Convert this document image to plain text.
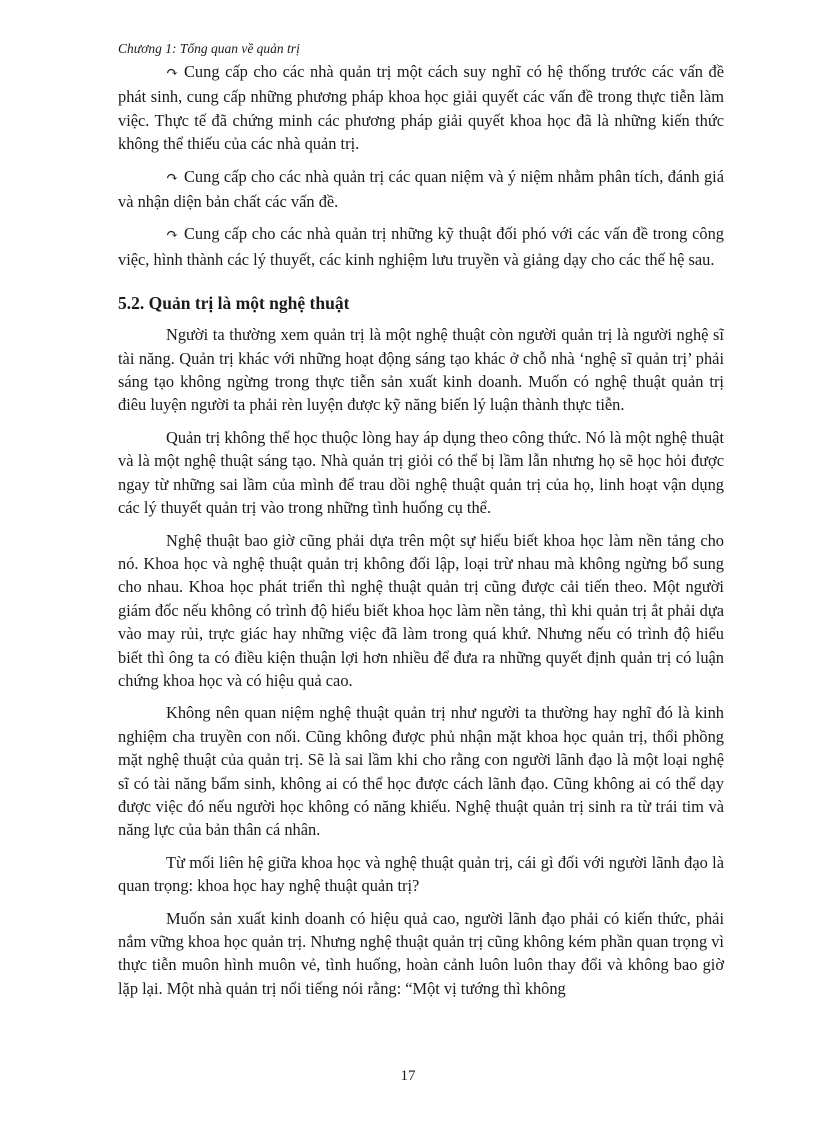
Chương 1: Tổng quan về quản trị

↷ Cung cấp cho các nhà quản trị một cách suy nghĩ có hệ thống trước các vấn đề phát sinh, cung cấp những phương pháp khoa học giải quyết các vấn đề trong thực tiễn làm việc. Thực tế đã chứng minh các phương pháp giải quyết khoa học đã là những kiến thức không thể thiếu của các nhà quản trị.

↷ Cung cấp cho các nhà quản trị các quan niệm và ý niệm nhằm phân tích, đánh giá và nhận diện bản chất các vấn đề.

↷ Cung cấp cho các nhà quản trị những kỹ thuật đối phó với các vấn đề trong công việc, hình thành các lý thuyết, các kinh nghiệm lưu truyền và giảng dạy cho các thế hệ sau.

5.2. Quản trị là một nghệ thuật

Người ta thường xem quản trị là một nghệ thuật còn người quản trị là người nghệ sĩ tài năng. Quản trị khác với những hoạt động sáng tạo khác ở chỗ nhà ‘nghệ sĩ quản trị’ phải sáng tạo không ngừng trong thực tiễn sản xuất kinh doanh. Muốn có nghệ thuật quản trị điêu luyện người ta phải rèn luyện được kỹ năng biến lý luận thành thực tiễn.

Quản trị không thể học thuộc lòng hay áp dụng theo công thức. Nó là một nghệ thuật và là một nghệ thuật sáng tạo. Nhà quản trị giỏi có thể bị lầm lẫn nhưng họ sẽ học hỏi được ngay từ những sai lầm của mình để trau dồi nghệ thuật quản trị của họ, linh hoạt vận dụng các lý thuyết quản trị vào trong những tình huống cụ thể.

Nghệ thuật bao giờ cũng phải dựa trên một sự hiểu biết khoa học làm nền tảng cho nó. Khoa học và nghệ thuật quản trị không đối lập, loại trừ nhau mà không ngừng bổ sung cho nhau. Khoa học phát triển thì nghệ thuật quản trị cũng được cải tiến theo. Một người giám đốc nếu không có trình độ hiểu biết khoa học làm nền tảng, thì khi quản trị ắt phải dựa vào may rủi, trực giác hay những việc đã làm trong quá khứ. Nhưng nếu có trình độ hiểu biết thì ông ta có điều kiện thuận lợi hơn nhiều để đưa ra những quyết định quản trị có luận chứng khoa học và có hiệu quả cao.

Không nên quan niệm nghệ thuật quản trị như người ta thường hay nghĩ đó là kinh nghiệm cha truyền con nối. Cũng không được phủ nhận mặt khoa học quản trị, thổi phồng mặt nghệ thuật của quản trị. Sẽ là sai lầm khi cho rằng con người lãnh đạo là một loại nghệ sĩ có tài năng bẩm sinh, không ai có thể học được cách lãnh đạo. Cũng không ai có thể dạy được việc đó nếu người học không có năng khiếu. Nghệ thuật quản trị sinh ra từ trái tim và năng lực của bản thân cá nhân.

Từ mối liên hệ giữa khoa học và nghệ thuật quản trị, cái gì đối với người lãnh đạo là quan trọng: khoa học hay nghệ thuật quản trị?

Muốn sản xuất kinh doanh có hiệu quả cao, người lãnh đạo phải có kiến thức, phải nắm vững khoa học quản trị. Nhưng nghệ thuật quản trị cũng không kém phần quan trọng vì thực tiễn muôn hình muôn vẻ, tình huống, hoàn cảnh luôn luôn thay đổi và không bao giờ lặp lại. Một nhà quản trị nổi tiếng nói rằng: “Một vị tướng thì không

17
